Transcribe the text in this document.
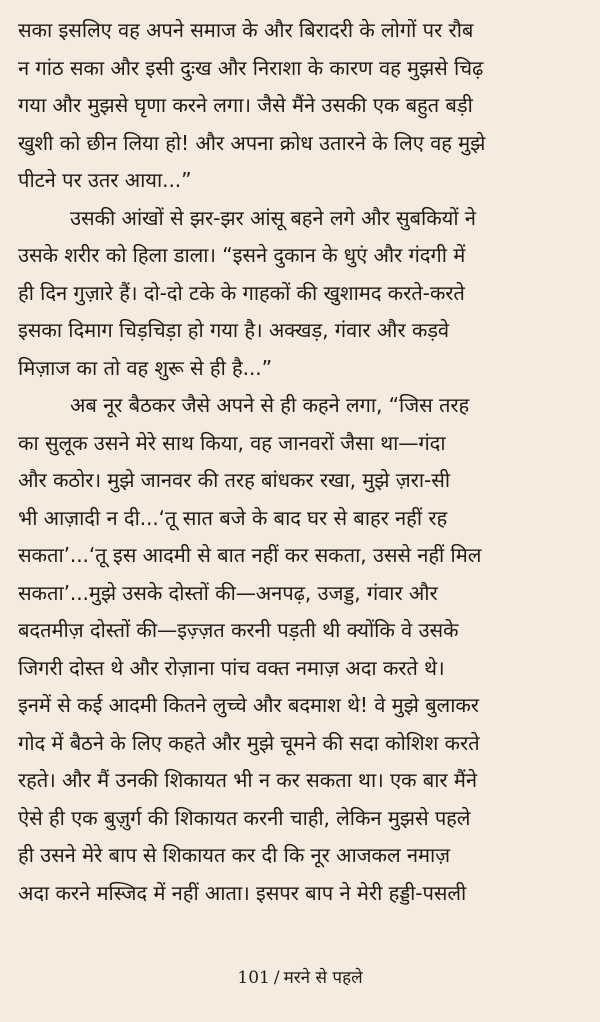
सका इसलिए वह अपने समाज के और बिरादरी के लोगों पर रौब
न गांठ सका और इसी दुःख और निराशा के कारण वह मुझसे चिढ़
गया और मुझसे घृणा करने लगा। जैसे मैंने उसकी एक बहुत बड़ी
खुशी को छीन लिया हो! और अपना क्रोध उतारने के लिए वह मुझे
पीटने पर उतर आया...”
उसकी आंखों से झर-झर आंसू बहने लगे और सुबकियों ने
उसके शरीर को हिला डाला। “इसने दुकान के धुएं और गंदगी में
ही दिन गुज़ारे हैं। दो-दो टके के गाहकों की खुशामद करते-करते
इसका दिमाग चिड़चिड़ा हो गया है। अक्खड़, गंवार और कड़वे
मिज़ाज का तो वह शुरू से ही है...”
अब नूर बैठकर जैसे अपने से ही कहने लगा, “जिस तरह
का सुलूक उसने मेरे साथ किया, वह जानवरों जैसा था—गंदा
और कठोर। मुझे जानवर की तरह बांधकर रखा, मुझे ज़रा-सी
भी आज़ादी न दी...‘तू सात बजे के बाद घर से बाहर नहीं रह
सकता’...‘तू इस आदमी से बात नहीं कर सकता, उससे नहीं मिल
सकता’...मुझे उसके दोस्तों की—अनपढ़, उजड्ड, गंवार और
बदतमीज़ दोस्तों की—इज़्ज़त करनी पड़ती थी क्योंकि वे उसके
जिगरी दोस्त थे और रोज़ाना पांच वक्त नमाज़ अदा करते थे।
इनमें से कई आदमी कितने लुच्चे और बदमाश थे! वे मुझे बुलाकर
गोद में बैठने के लिए कहते और मुझे चूमने की सदा कोशिश करते
रहते। और मैं उनकी शिकायत भी न कर सकता था। एक बार मैंने
ऐसे ही एक बुज़ुर्ग की शिकायत करनी चाही, लेकिन मुझसे पहले
ही उसने मेरे बाप से शिकायत कर दी कि नूर आजकल नमाज़
अदा करने मस्जिद में नहीं आता। इसपर बाप ने मेरी हड्डी-पसली
101 / मरने से पहले
